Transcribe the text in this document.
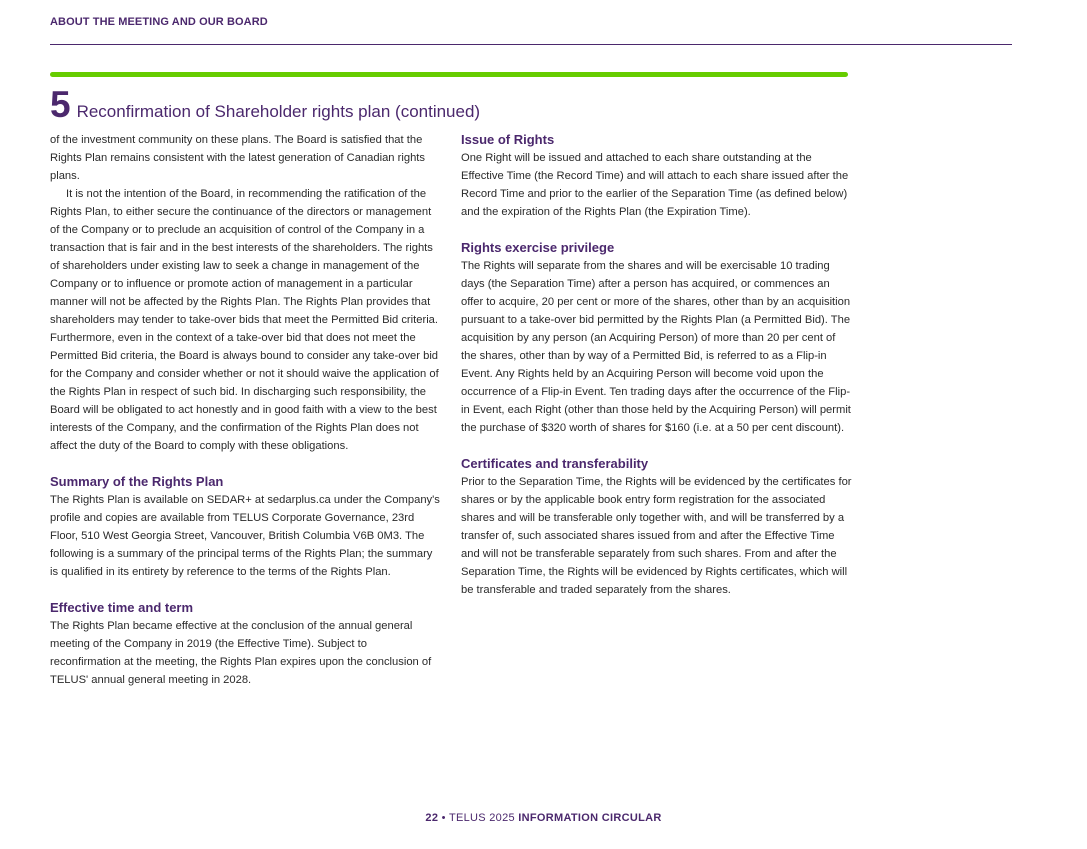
ABOUT THE MEETING AND OUR BOARD
5 Reconfirmation of Shareholder rights plan (continued)

of the investment community on these plans. The Board is satisfied that the Rights Plan remains consistent with the latest generation of Canadian rights plans.

It is not the intention of the Board, in recommending the ratification of the Rights Plan, to either secure the continuance of the directors or management of the Company or to preclude an acquisition of control of the Company in a transaction that is fair and in the best interests of the shareholders. The rights of shareholders under existing law to seek a change in management of the Company or to influence or promote action of management in a particular manner will not be affected by the Rights Plan. The Rights Plan provides that shareholders may tender to take-over bids that meet the Permitted Bid criteria. Furthermore, even in the context of a take-over bid that does not meet the Permitted Bid criteria, the Board is always bound to consider any take-over bid for the Company and consider whether or not it should waive the application of the Rights Plan in respect of such bid. In discharging such responsibility, the Board will be obligated to act honestly and in good faith with a view to the best interests of the Company, and the confirmation of the Rights Plan does not affect the duty of the Board to comply with these obligations.

Summary of the Rights Plan

The Rights Plan is available on SEDAR+ at sedarplus.ca under the Company's profile and copies are available from TELUS Corporate Governance, 23rd Floor, 510 West Georgia Street, Vancouver, British Columbia V6B 0M3. The following is a summary of the principal terms of the Rights Plan; the summary is qualified in its entirety by reference to the terms of the Rights Plan.

Effective time and term

The Rights Plan became effective at the conclusion of the annual general meeting of the Company in 2019 (the Effective Time). Subject to reconfirmation at the meeting, the Rights Plan expires upon the conclusion of TELUS' annual general meeting in 2028.

Issue of Rights

One Right will be issued and attached to each share outstanding at the Effective Time (the Record Time) and will attach to each share issued after the Record Time and prior to the earlier of the Separation Time (as defined below) and the expiration of the Rights Plan (the Expiration Time).

Rights exercise privilege

The Rights will separate from the shares and will be exercisable 10 trading days (the Separation Time) after a person has acquired, or commences an offer to acquire, 20 per cent or more of the shares, other than by an acquisition pursuant to a take-over bid permitted by the Rights Plan (a Permitted Bid). The acquisition by any person (an Acquiring Person) of more than 20 per cent of the shares, other than by way of a Permitted Bid, is referred to as a Flip-in Event. Any Rights held by an Acquiring Person will become void upon the occurrence of a Flip-in Event. Ten trading days after the occurrence of the Flip-in Event, each Right (other than those held by the Acquiring Person) will permit the purchase of $320 worth of shares for $160 (i.e. at a 50 per cent discount).

Certificates and transferability

Prior to the Separation Time, the Rights will be evidenced by the certificates for shares or by the applicable book entry form registration for the associated shares and will be transferable only together with, and will be transferred by a transfer of, such associated shares issued from and after the Effective Time and will not be transferable separately from such shares. From and after the Separation Time, the Rights will be evidenced by Rights certificates, which will be transferable and traded separately from the shares.

22 • TELUS 2025 INFORMATION CIRCULAR
